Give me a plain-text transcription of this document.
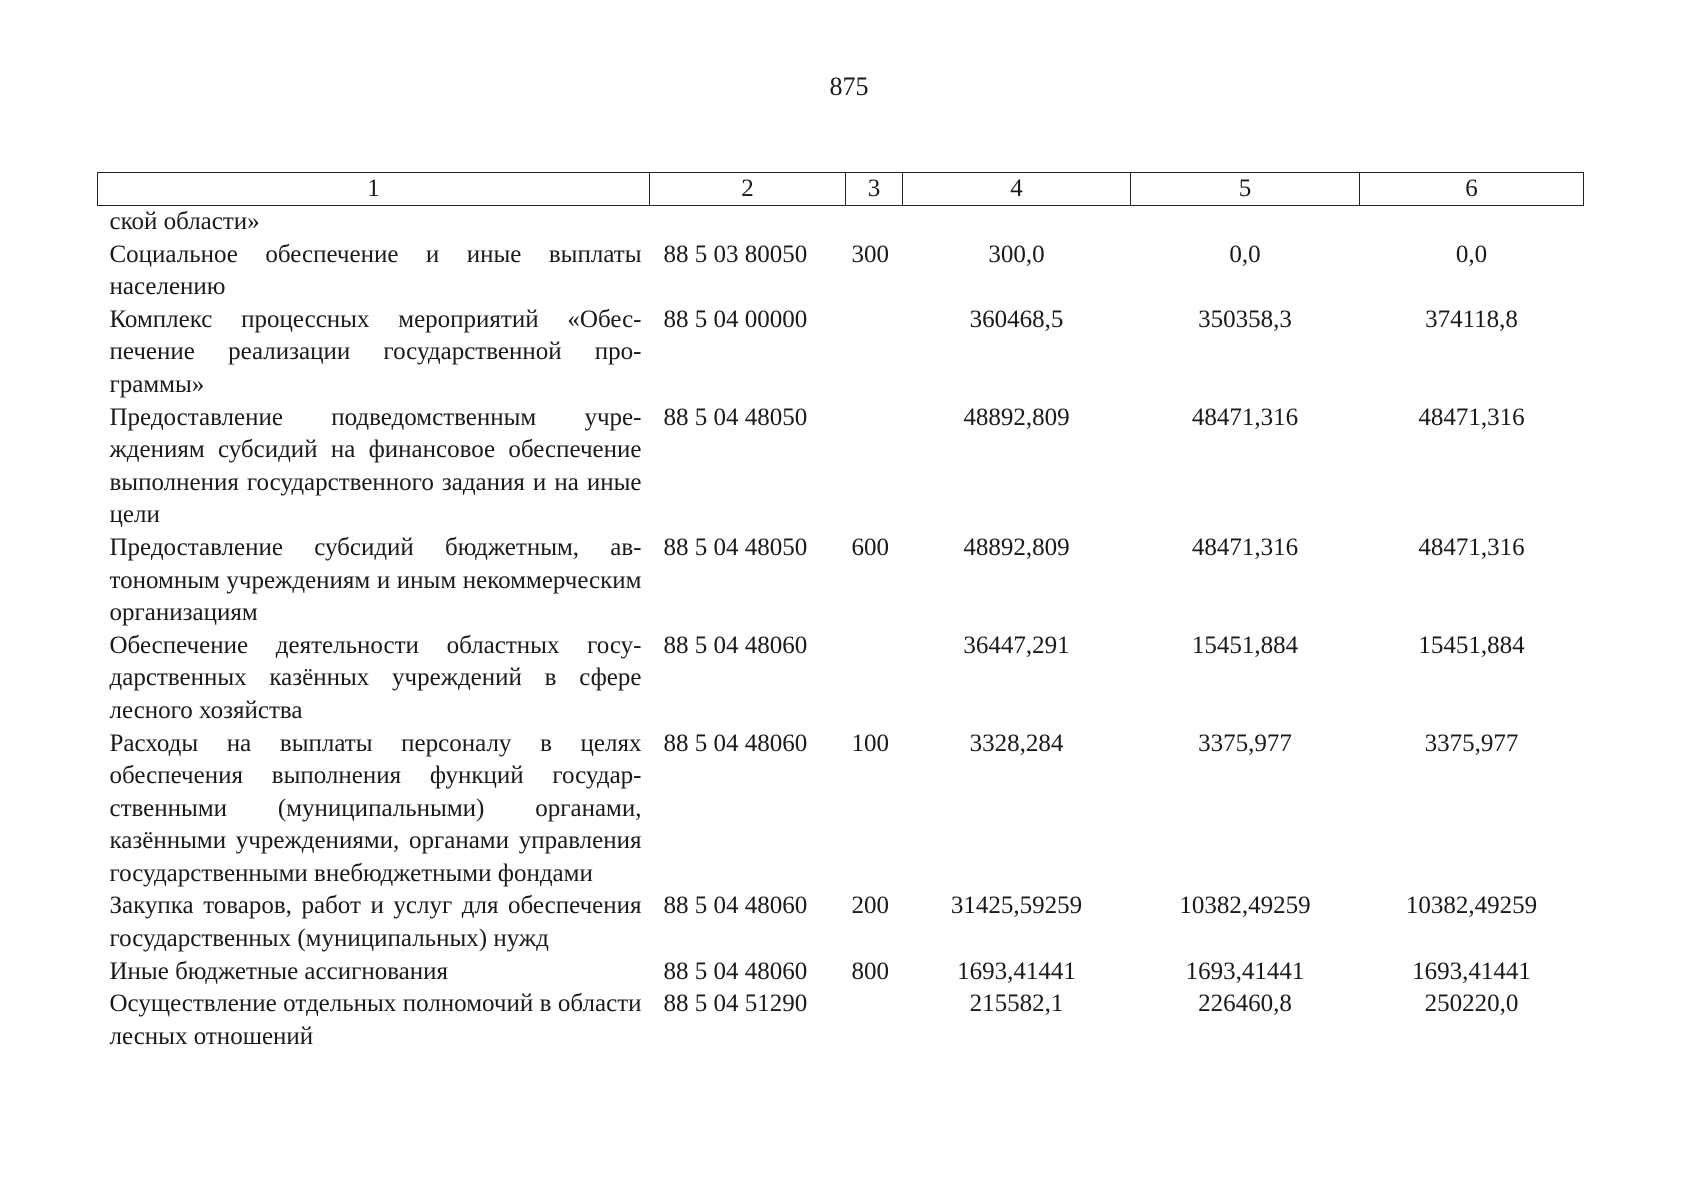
875
1	2	3	4	5	6
ской области»					
Социальное обеспечение и иные выплаты населению	88 5 03 80050	300	300,0	0,0	0,0
Комплекс процессных мероприятий «Обеспечение реализации государственной программы»	88 5 04 00000		360468,5	350358,3	374118,8
Предоставление подведомственным учреждениям субсидий на финансовое обеспечение выполнения государственного задания и на иные цели	88 5 04 48050		48892,809	48471,316	48471,316
Предоставление субсидий бюджетным, автономным учреждениям и иным некоммерческим организациям	88 5 04 48050	600	48892,809	48471,316	48471,316
Обеспечение деятельности областных государственных казённых учреждений в сфере лесного хозяйства	88 5 04 48060		36447,291	15451,884	15451,884
Расходы на выплаты персоналу в целях обеспечения выполнения функций государственными (муниципальными) органами, казёнными учреждениями, органами управления государственными внебюджетными фондами	88 5 04 48060	100	3328,284	3375,977	3375,977
Закупка товаров, работ и услуг для обеспечения государственных (муниципальных) нужд	88 5 04 48060	200	31425,59259	10382,49259	10382,49259
Иные бюджетные ассигнования	88 5 04 48060	800	1693,41441	1693,41441	1693,41441
Осуществление отдельных полномочий в области лесных отношений	88 5 04 51290		215582,1	226460,8	250220,0
